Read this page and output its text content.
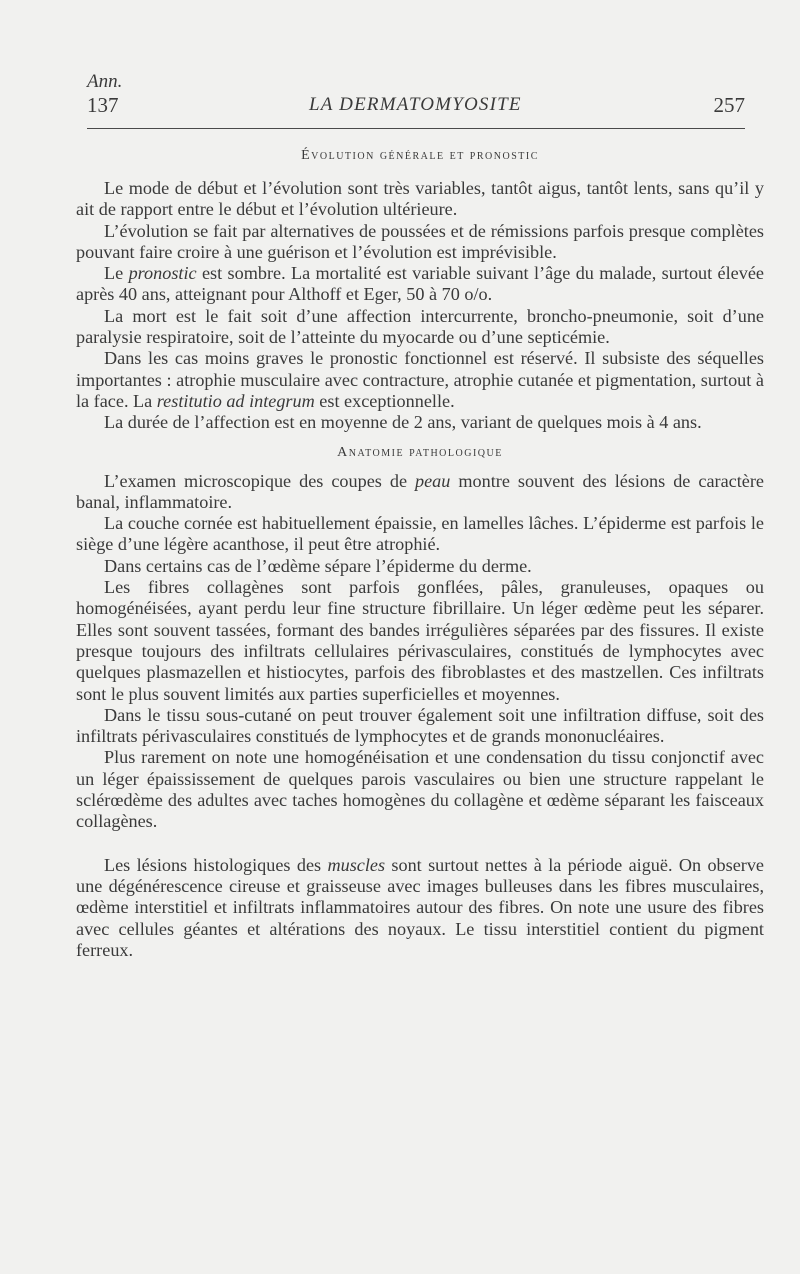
Ann.
137	LA DERMATOMYOSITE	257
Évolution générale et pronostic

Le mode de début et l’évolution sont très variables, tantôt aigus, tantôt lents, sans qu’il y ait de rapport entre le début et l’évolution ultérieure.

L’évolution se fait par alternatives de poussées et de rémissions parfois presque complètes pouvant faire croire à une guérison et l’évolution est imprévisible.

Le pronostic est sombre. La mortalité est variable suivant l’âge du malade, surtout élevée après 40 ans, atteignant pour Althoff et Eger, 50 à 70 o/o.

La mort est le fait soit d’une affection intercurrente, broncho-pneumonie, soit d’une paralysie respiratoire, soit de l’atteinte du myocarde ou d’une septicémie.

Dans les cas moins graves le pronostic fonctionnel est réservé. Il subsiste des séquelles importantes : atrophie musculaire avec contracture, atrophie cutanée et pigmentation, surtout à la face. La restitutio ad integrum est exceptionnelle.

La durée de l’affection est en moyenne de 2 ans, variant de quelques mois à 4 ans.

Anatomie pathologique

L’examen microscopique des coupes de peau montre souvent des lésions de caractère banal, inflammatoire.

La couche cornée est habituellement épaissie, en lamelles lâches. L’épiderme est parfois le siège d’une légère acanthose, il peut être atrophié.

Dans certains cas de l’œdème sépare l’épiderme du derme.

Les fibres collagènes sont parfois gonflées, pâles, granuleuses, opaques ou homogénéisées, ayant perdu leur fine structure fibrillaire. Un léger œdème peut les séparer. Elles sont souvent tassées, formant des bandes irrégulières séparées par des fissures. Il existe presque toujours des infiltrats cellulaires périvasculaires, constitués de lymphocytes avec quelques plasmazellen et histiocytes, parfois des fibroblastes et des mastzellen. Ces infiltrats sont le plus souvent limités aux parties superficielles et moyennes.

Dans le tissu sous-cutané on peut trouver également soit une infiltration diffuse, soit des infiltrats périvasculaires constitués de lymphocytes et de grands mononucléaires.

Plus rarement on note une homogénéisation et une condensation du tissu conjonctif avec un léger épaississement de quelques parois vasculaires ou bien une structure rappelant le sclérœdème des adultes avec taches homogènes du collagène et œdème séparant les faisceaux collagènes.

Les lésions histologiques des muscles sont surtout nettes à la période aiguë. On observe une dégénérescence cireuse et graisseuse avec images bulleuses dans les fibres musculaires, œdème interstitiel et infiltrats inflammatoires autour des fibres. On note une usure des fibres avec cellules géantes et altérations des noyaux. Le tissu interstitiel contient du pigment ferreux.
